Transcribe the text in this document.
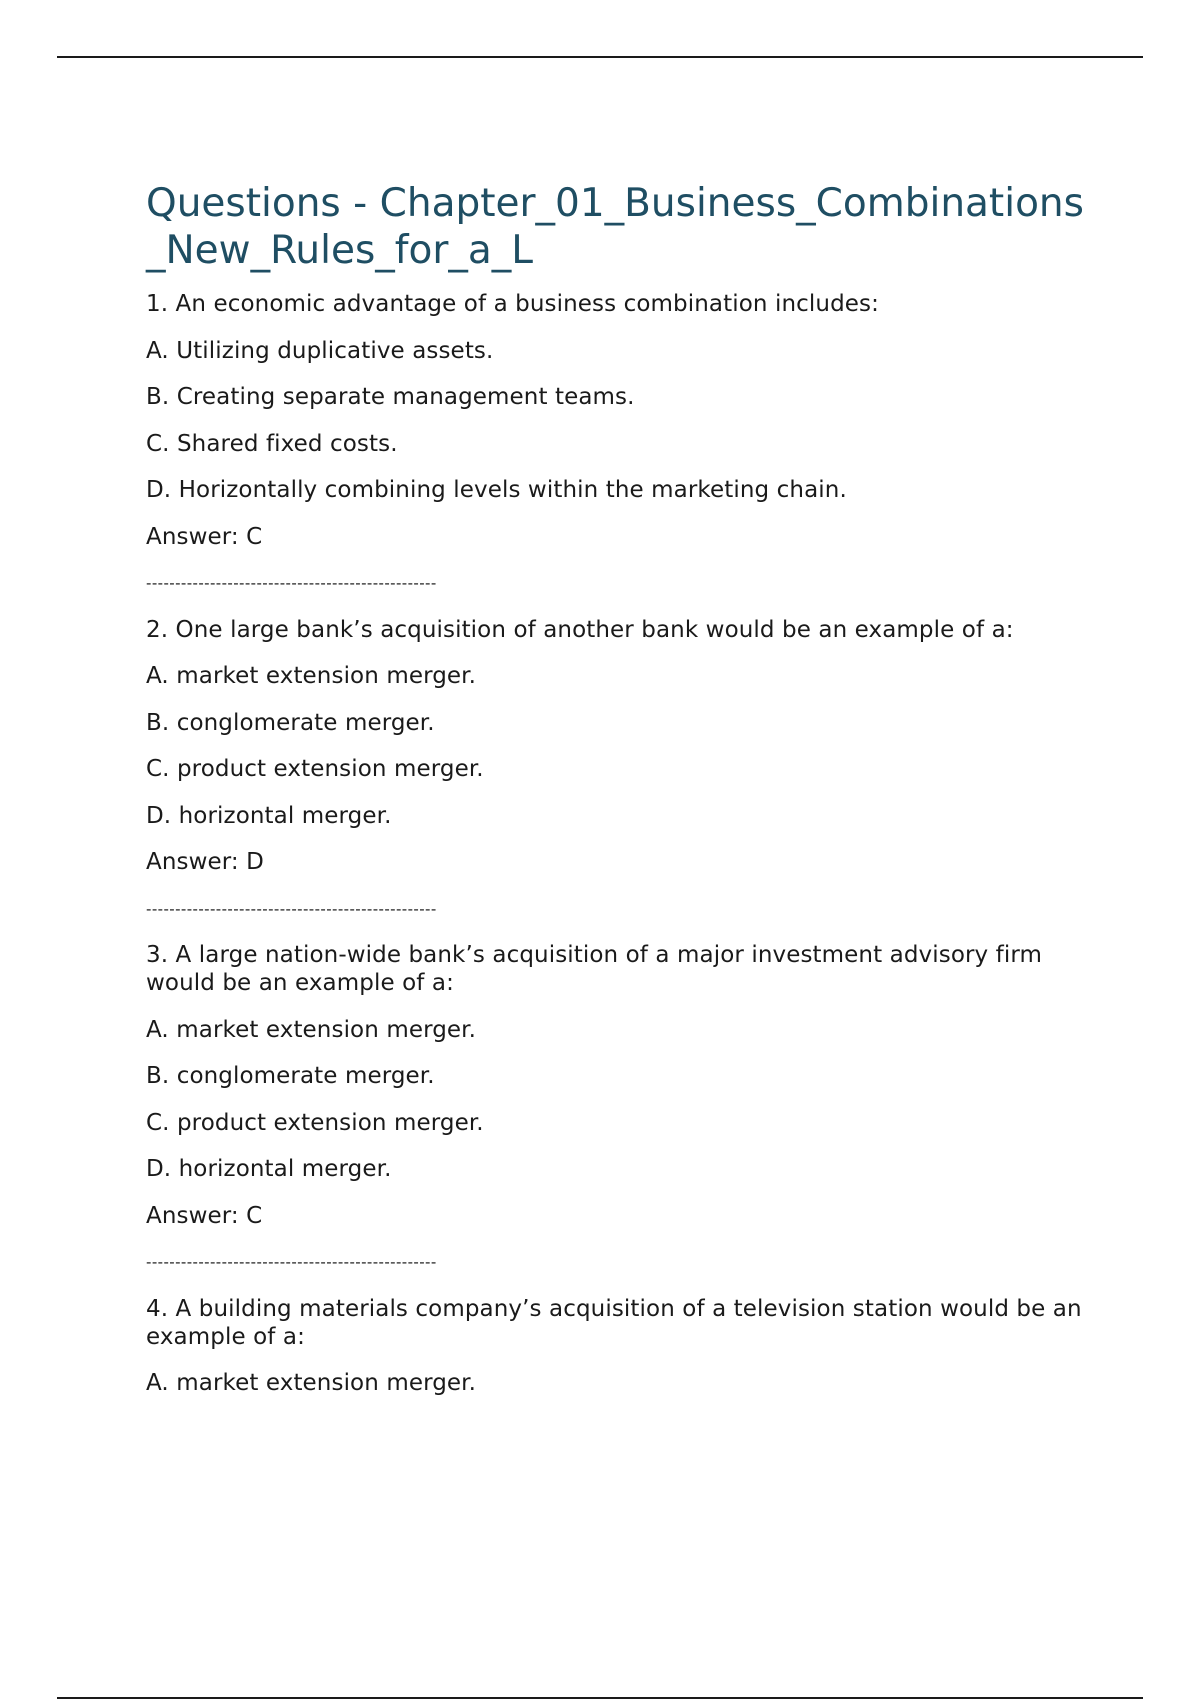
Questions - Chapter_01_Business_Combinations_New_Rules_for_a_L

1. An economic advantage of a business combination includes:

A. Utilizing duplicative assets.

B. Creating separate management teams.

C. Shared fixed costs.

D. Horizontally combining levels within the marketing chain.

Answer: C

--------------------------------------------------

2. One large bank’s acquisition of another bank would be an example of a:

A. market extension merger.

B. conglomerate merger.

C. product extension merger.

D. horizontal merger.

Answer: D

--------------------------------------------------

3. A large nation-wide bank’s acquisition of a major investment advisory firm would be an example of a:

A. market extension merger.

B. conglomerate merger.

C. product extension merger.

D. horizontal merger.

Answer: C

--------------------------------------------------

4. A building materials company’s acquisition of a television station would be an example of a:

A. market extension merger.
